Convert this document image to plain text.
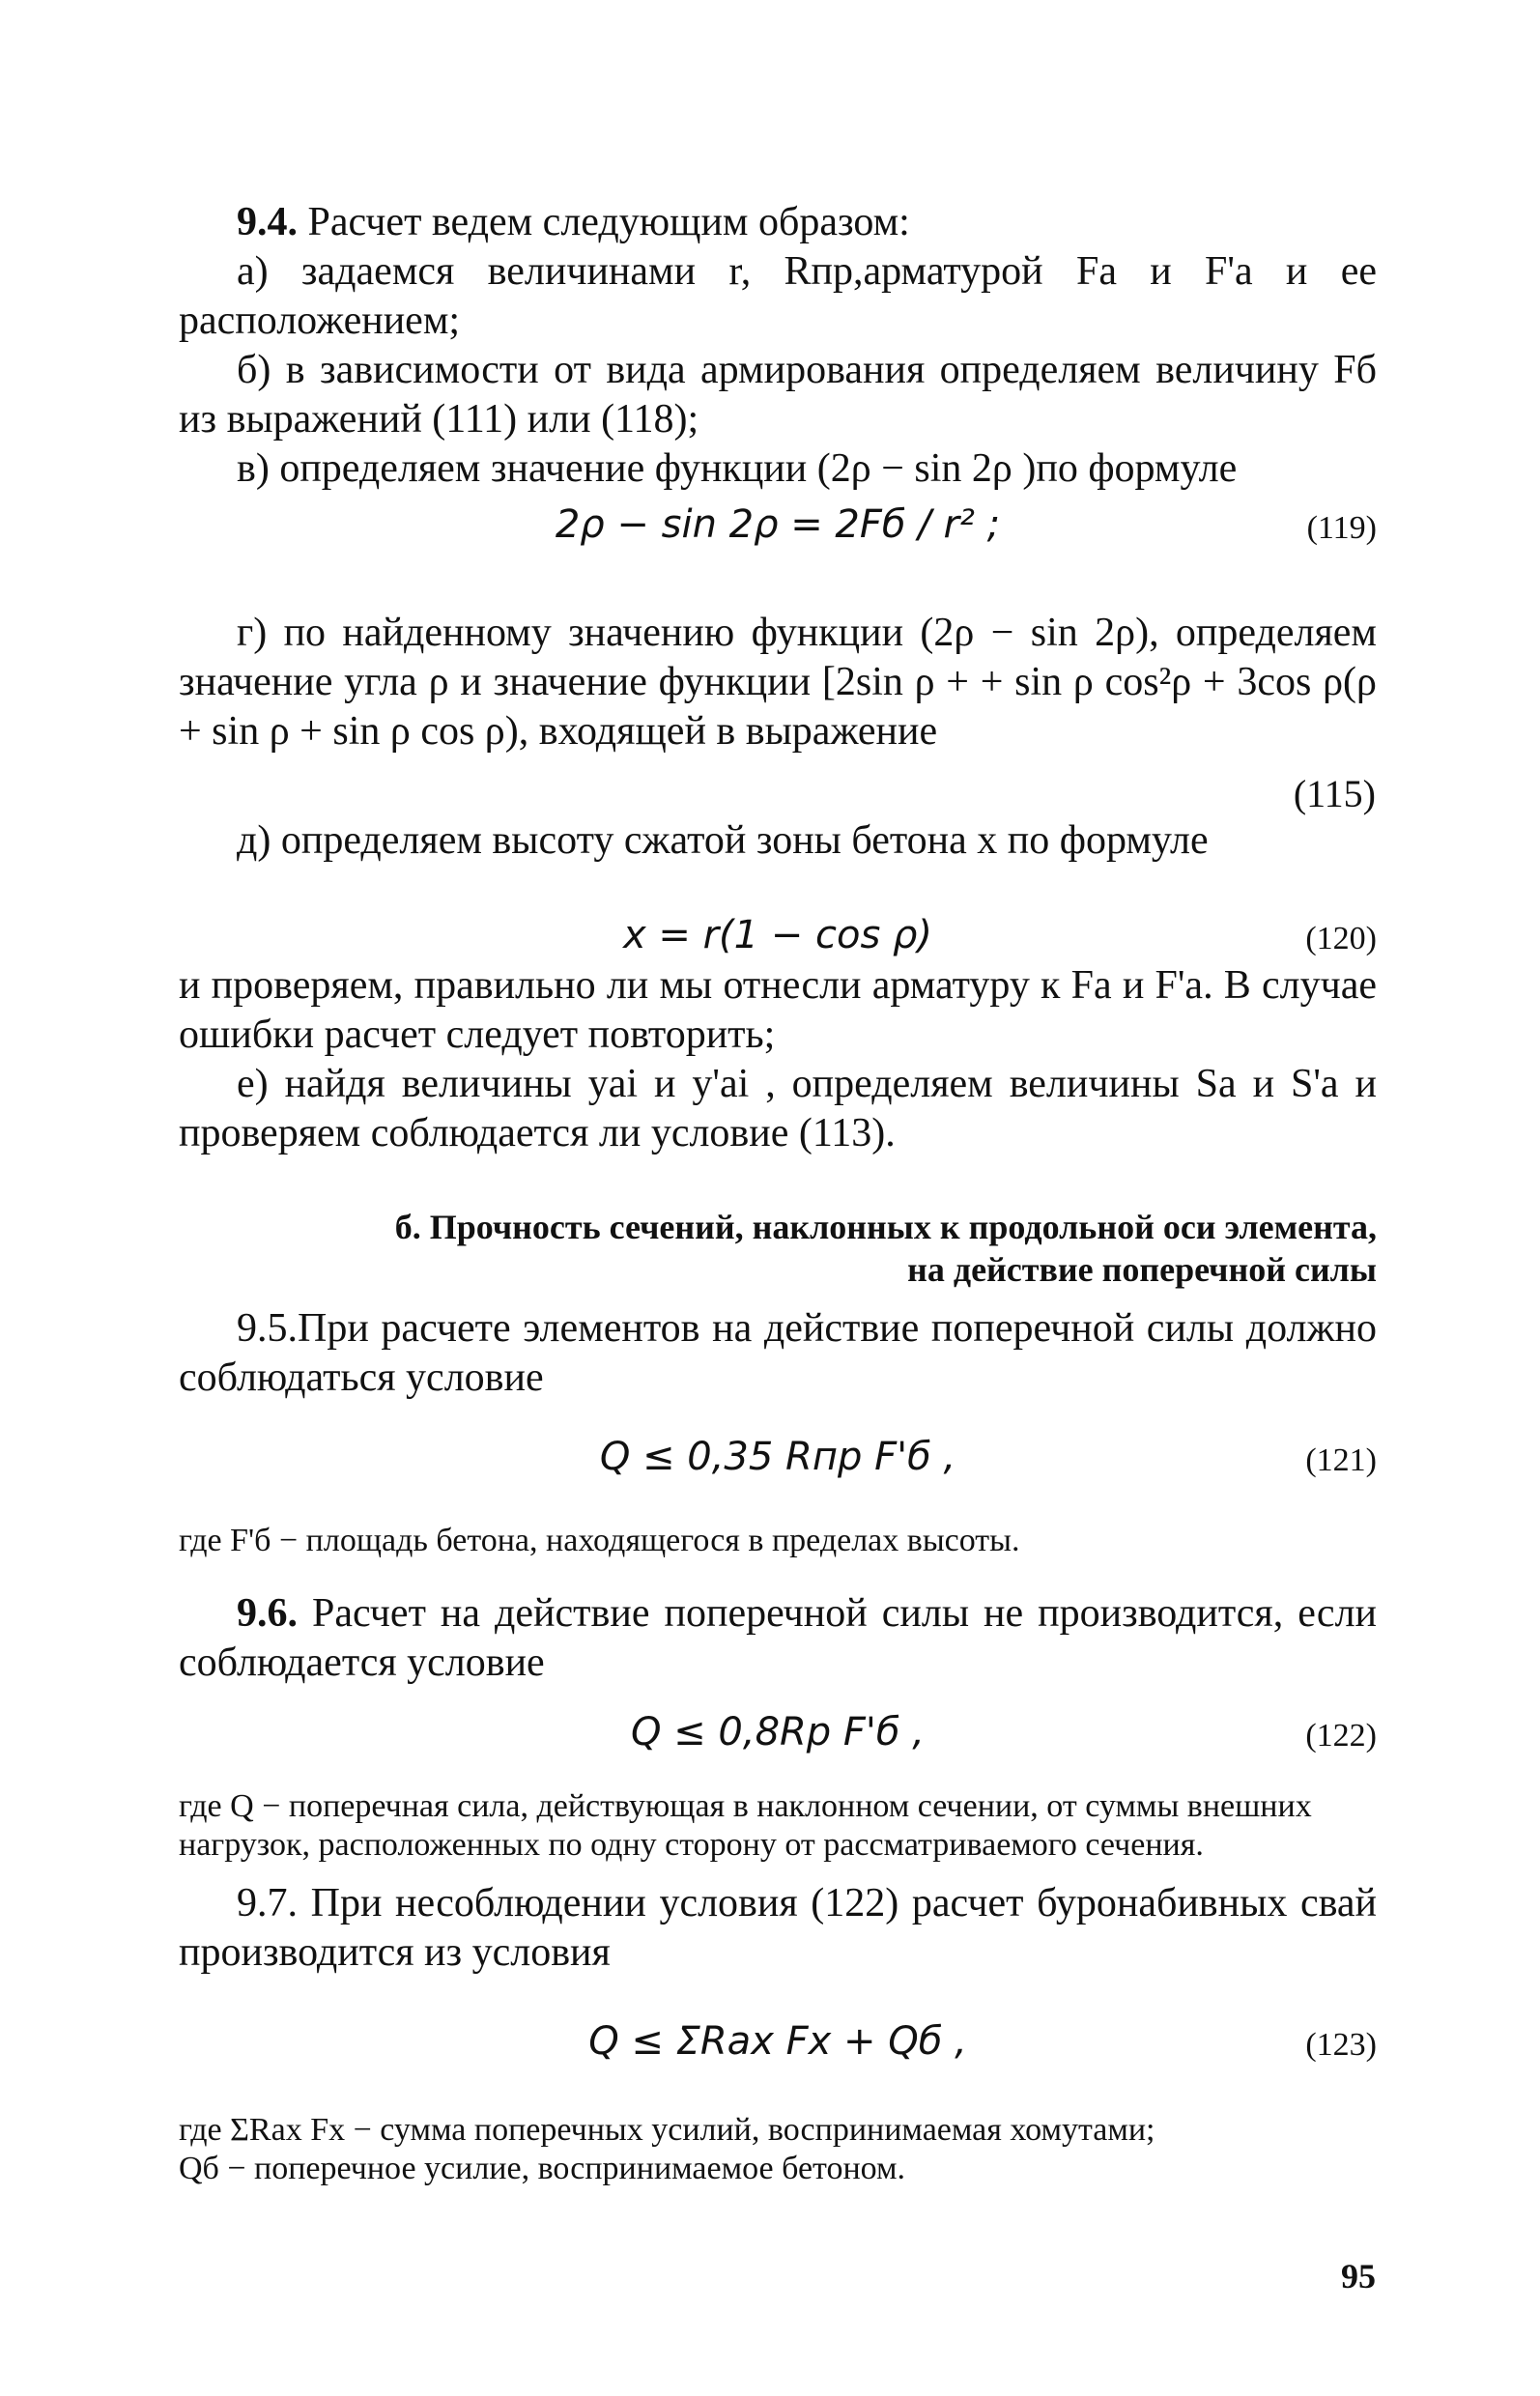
9.4. Расчет ведем следующим образом:

а) задаемся величинами r, Rпр,арматурой Fa и F'a и ее расположением;

б) в зависимости от вида армирования определяем величину Fб из выражений (111) или (118);

в) определяем значение функции (2ρ − sin 2ρ )по формуле

2ρ − sin 2ρ = 2Fб / r² ;	(119)

г) по найденному значению функции (2ρ − sin 2ρ), определяем значение угла ρ и значение функции [2sin ρ + + sin ρ cos²ρ + 3cos ρ(ρ + sin ρ + sin ρ cos ρ), входящей в выражение

(115)

д) определяем высоту сжатой зоны бетона x по формуле

x = r(1 − cos ρ)	(120)

и проверяем, правильно ли мы отнесли арматуру к Fa и F'a. В случае ошибки расчет следует повторить;

е) найдя величины yai и y'ai , определяем величины Sa и S'a и проверяем соблюдается ли условие (113).

б. Прочность сечений, наклонных к продольной оси элемента,
на действие поперечной силы

9.5.При расчете элементов на действие поперечной силы должно соблюдаться условие

Q ≤ 0,35 Rпр F'б ,	(121)
где F'б − площадь бетона, находящегося в пределах высоты.

9.6. Расчет на действие поперечной силы не производится, если соблюдается условие

Q ≤ 0,8Rp F'б ,	(122)
где Q − поперечная сила, действующая в наклонном сечении, от суммы внешних нагрузок, расположенных по одну сторону от рассматриваемого сечения.

9.7. При несоблюдении условия (122) расчет буронабивных свай производится из условия

Q ≤ ΣRax Fx + Qб ,	(123)
где ΣRax Fx − сумма поперечных усилий, воспринимаемая хомутами;
Qб − поперечное усилие, воспринимаемое бетоном.
95
